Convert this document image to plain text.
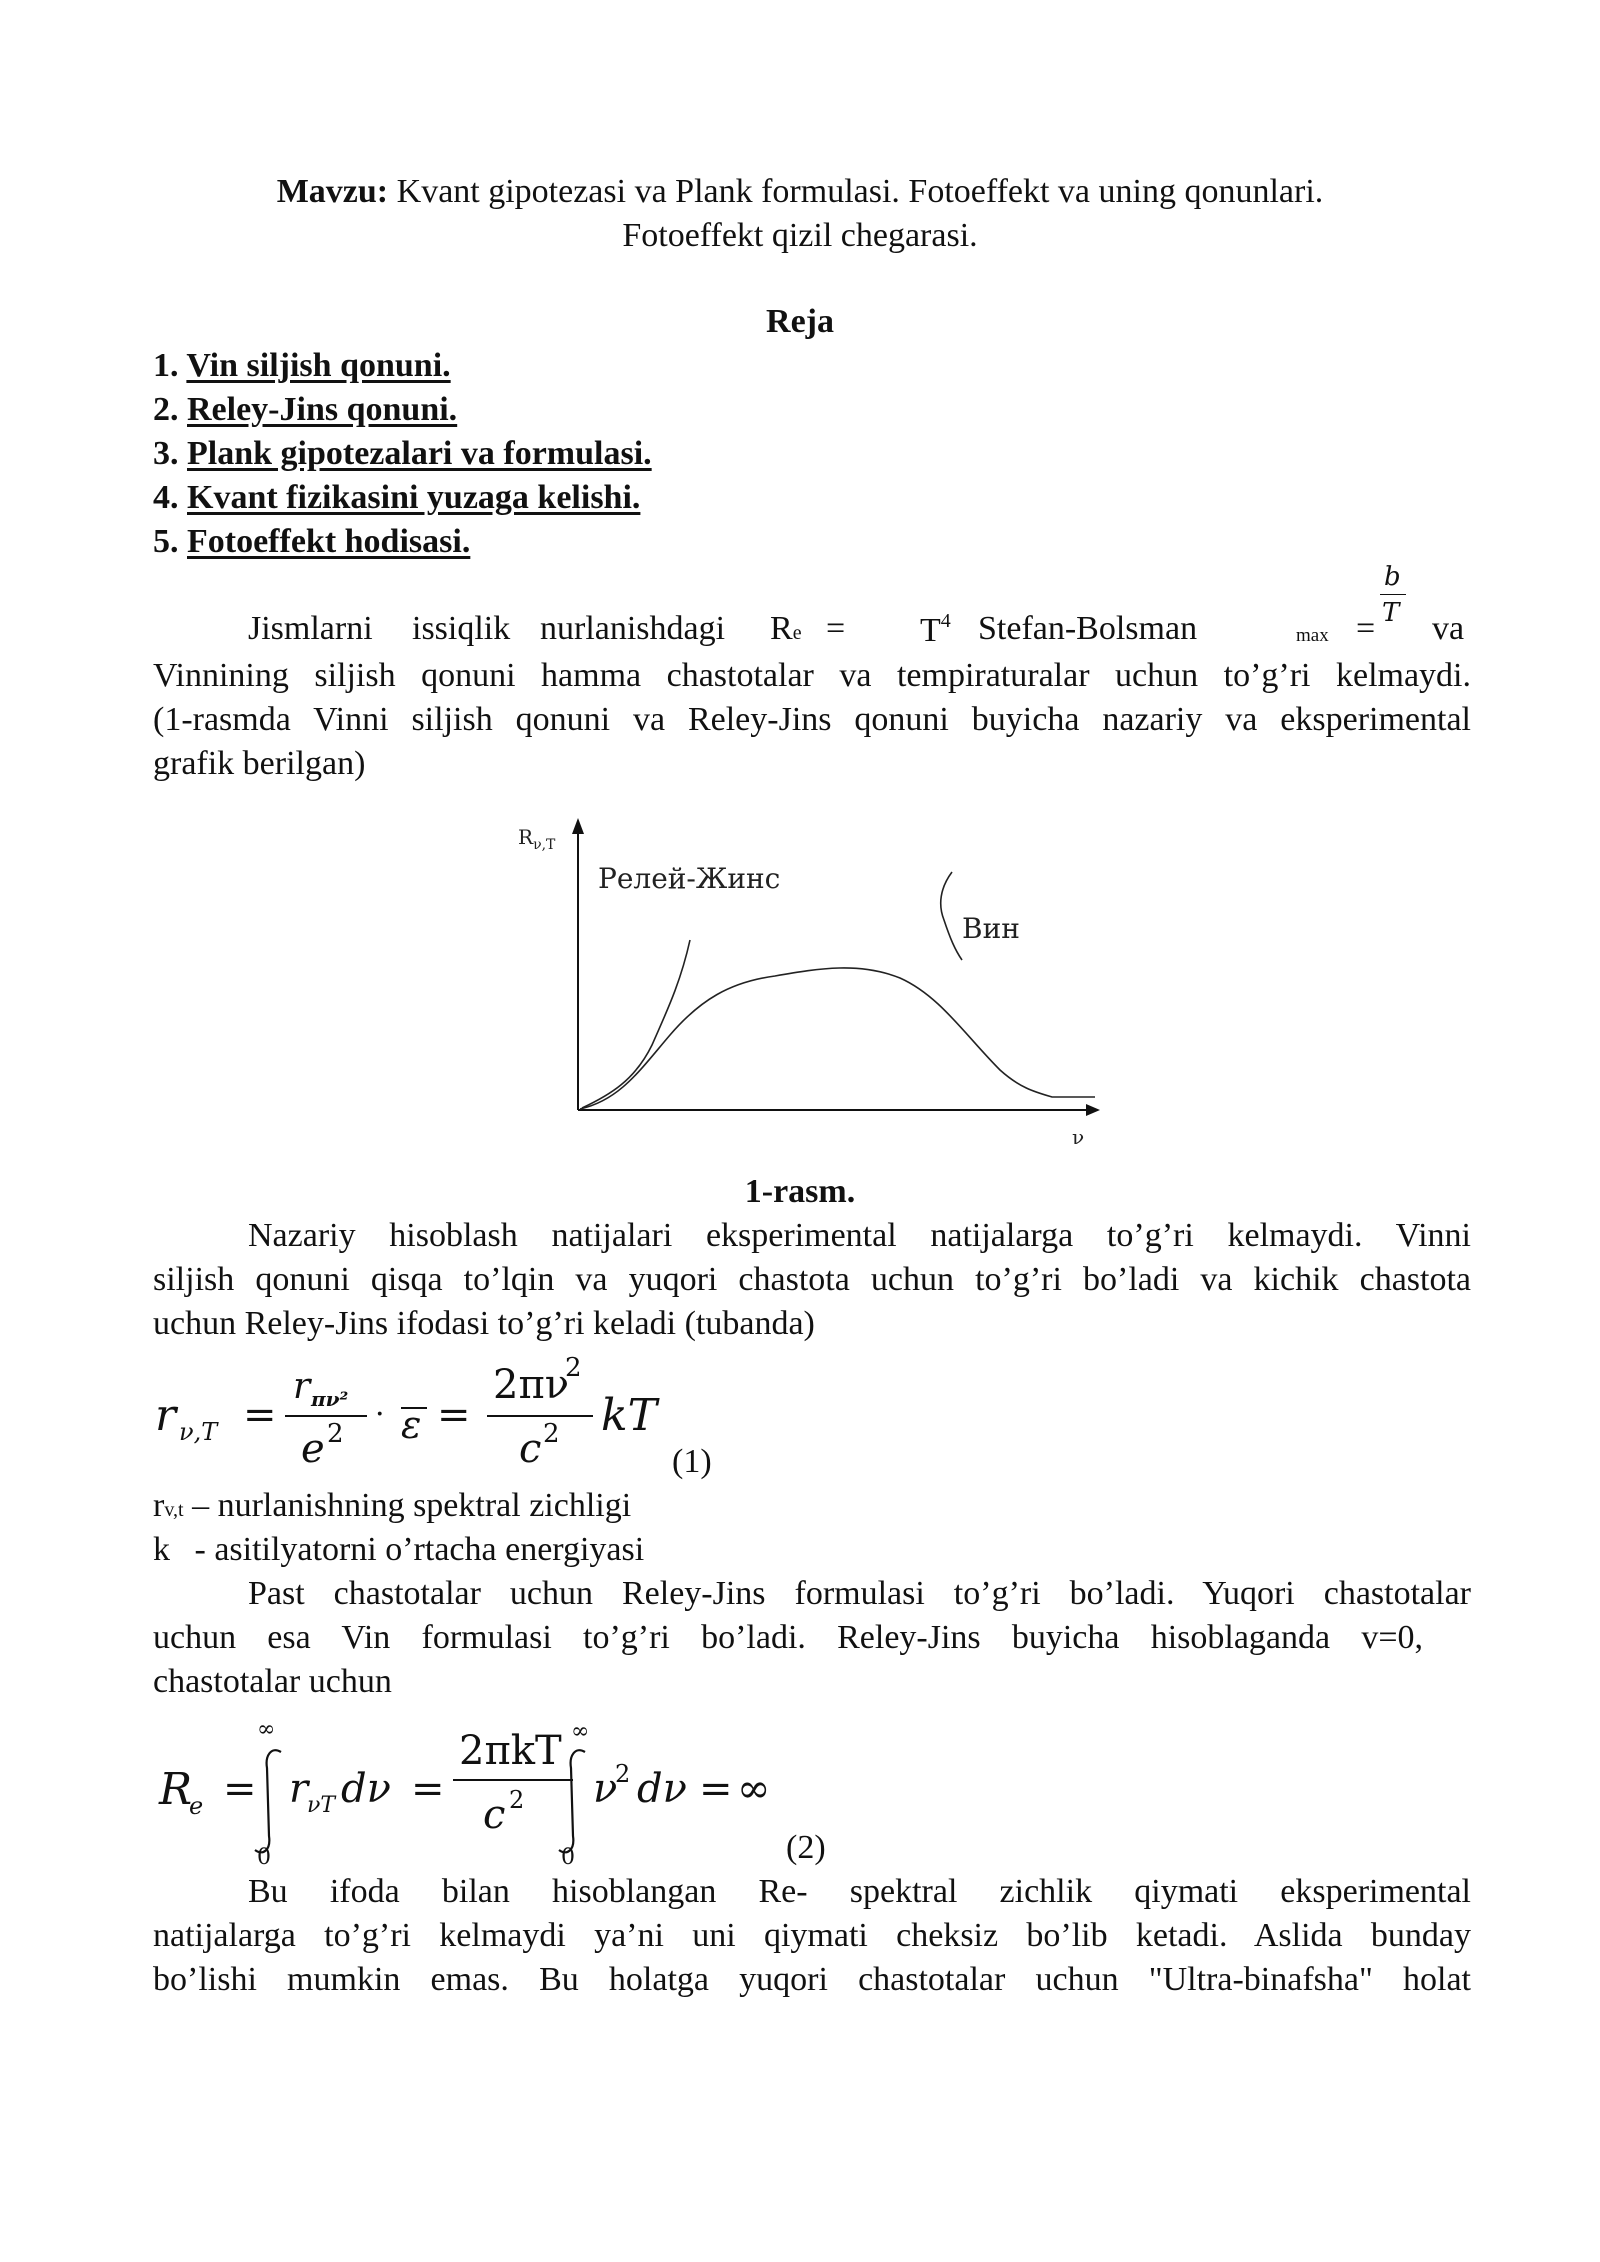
Mavzu: Kvant gipotezasi va Plank formulasi. Fotoeffekt va uning qonunlari.
Fotoeffekt qizil chegarasi.
Reja
1. Vin siljish qonuni.
2. Reley-Jins qonuni.
3. Plank gipotezalari va formulasi.
4. Kvant fizikasini yuzaga kelishi.
5. Fotoeffekt hodisasi.
Jismlarni issiqlik nurlanishdagi $Re = T^4$ Stefan-Bolsman	max =
b
T va
Vinnining siljish qonuni hamma chastotalar va tempiraturalar uchun to’g’ri kelmaydi.
(1-rasmda Vinni siljish qonuni va Reley-Jins qonuni buyicha nazariy va eksperimental
grafik berilgan)
$R_{\nu,T}$
Релей-Жинс
Вин
ν
1-rasm.
Nazariy hisoblash natijalari eksperimental natijalarga to’g’ri kelmaydi. Vinni
siljish qonuni qisqa to’lqin va yuqori chastota uchun to’g’ri bo’ladi va kichik chastota
uchun Reley-Jins ifodasi to’g’ri keladi (tubanda)
r ν,T =
r πν²
e 2
· ε =
2πν
2
c 2 kT
(1)
rv,t – nurlanishning spektral zichligi
k - asitilyatorni o’rtacha energiyasi
Past chastotalar uchun Reley-Jins formulasi to’g’ri bo’ladi. Yuqori chastotalar
uchun esa Vin formulasi to’g’ri bo’ladi. Reley-Jins buyicha hisoblaganda v=0,
chastotalar uchun
R
e =
∞
0
r
νT dν =
2πkT ∞
c 2
0
ν
2 dν = ∞
(2)
Bu ifoda bilan hisoblangan Re- spektral zichlik qiymati eksperimental
natijalarga to’g’ri kelmaydi ya’ni uni qiymati cheksiz bo’lib ketadi. Aslida bunday
bo’lishi mumkin emas. Bu holatga yuqori chastotalar uchun "Ultra-binafsha" holat
